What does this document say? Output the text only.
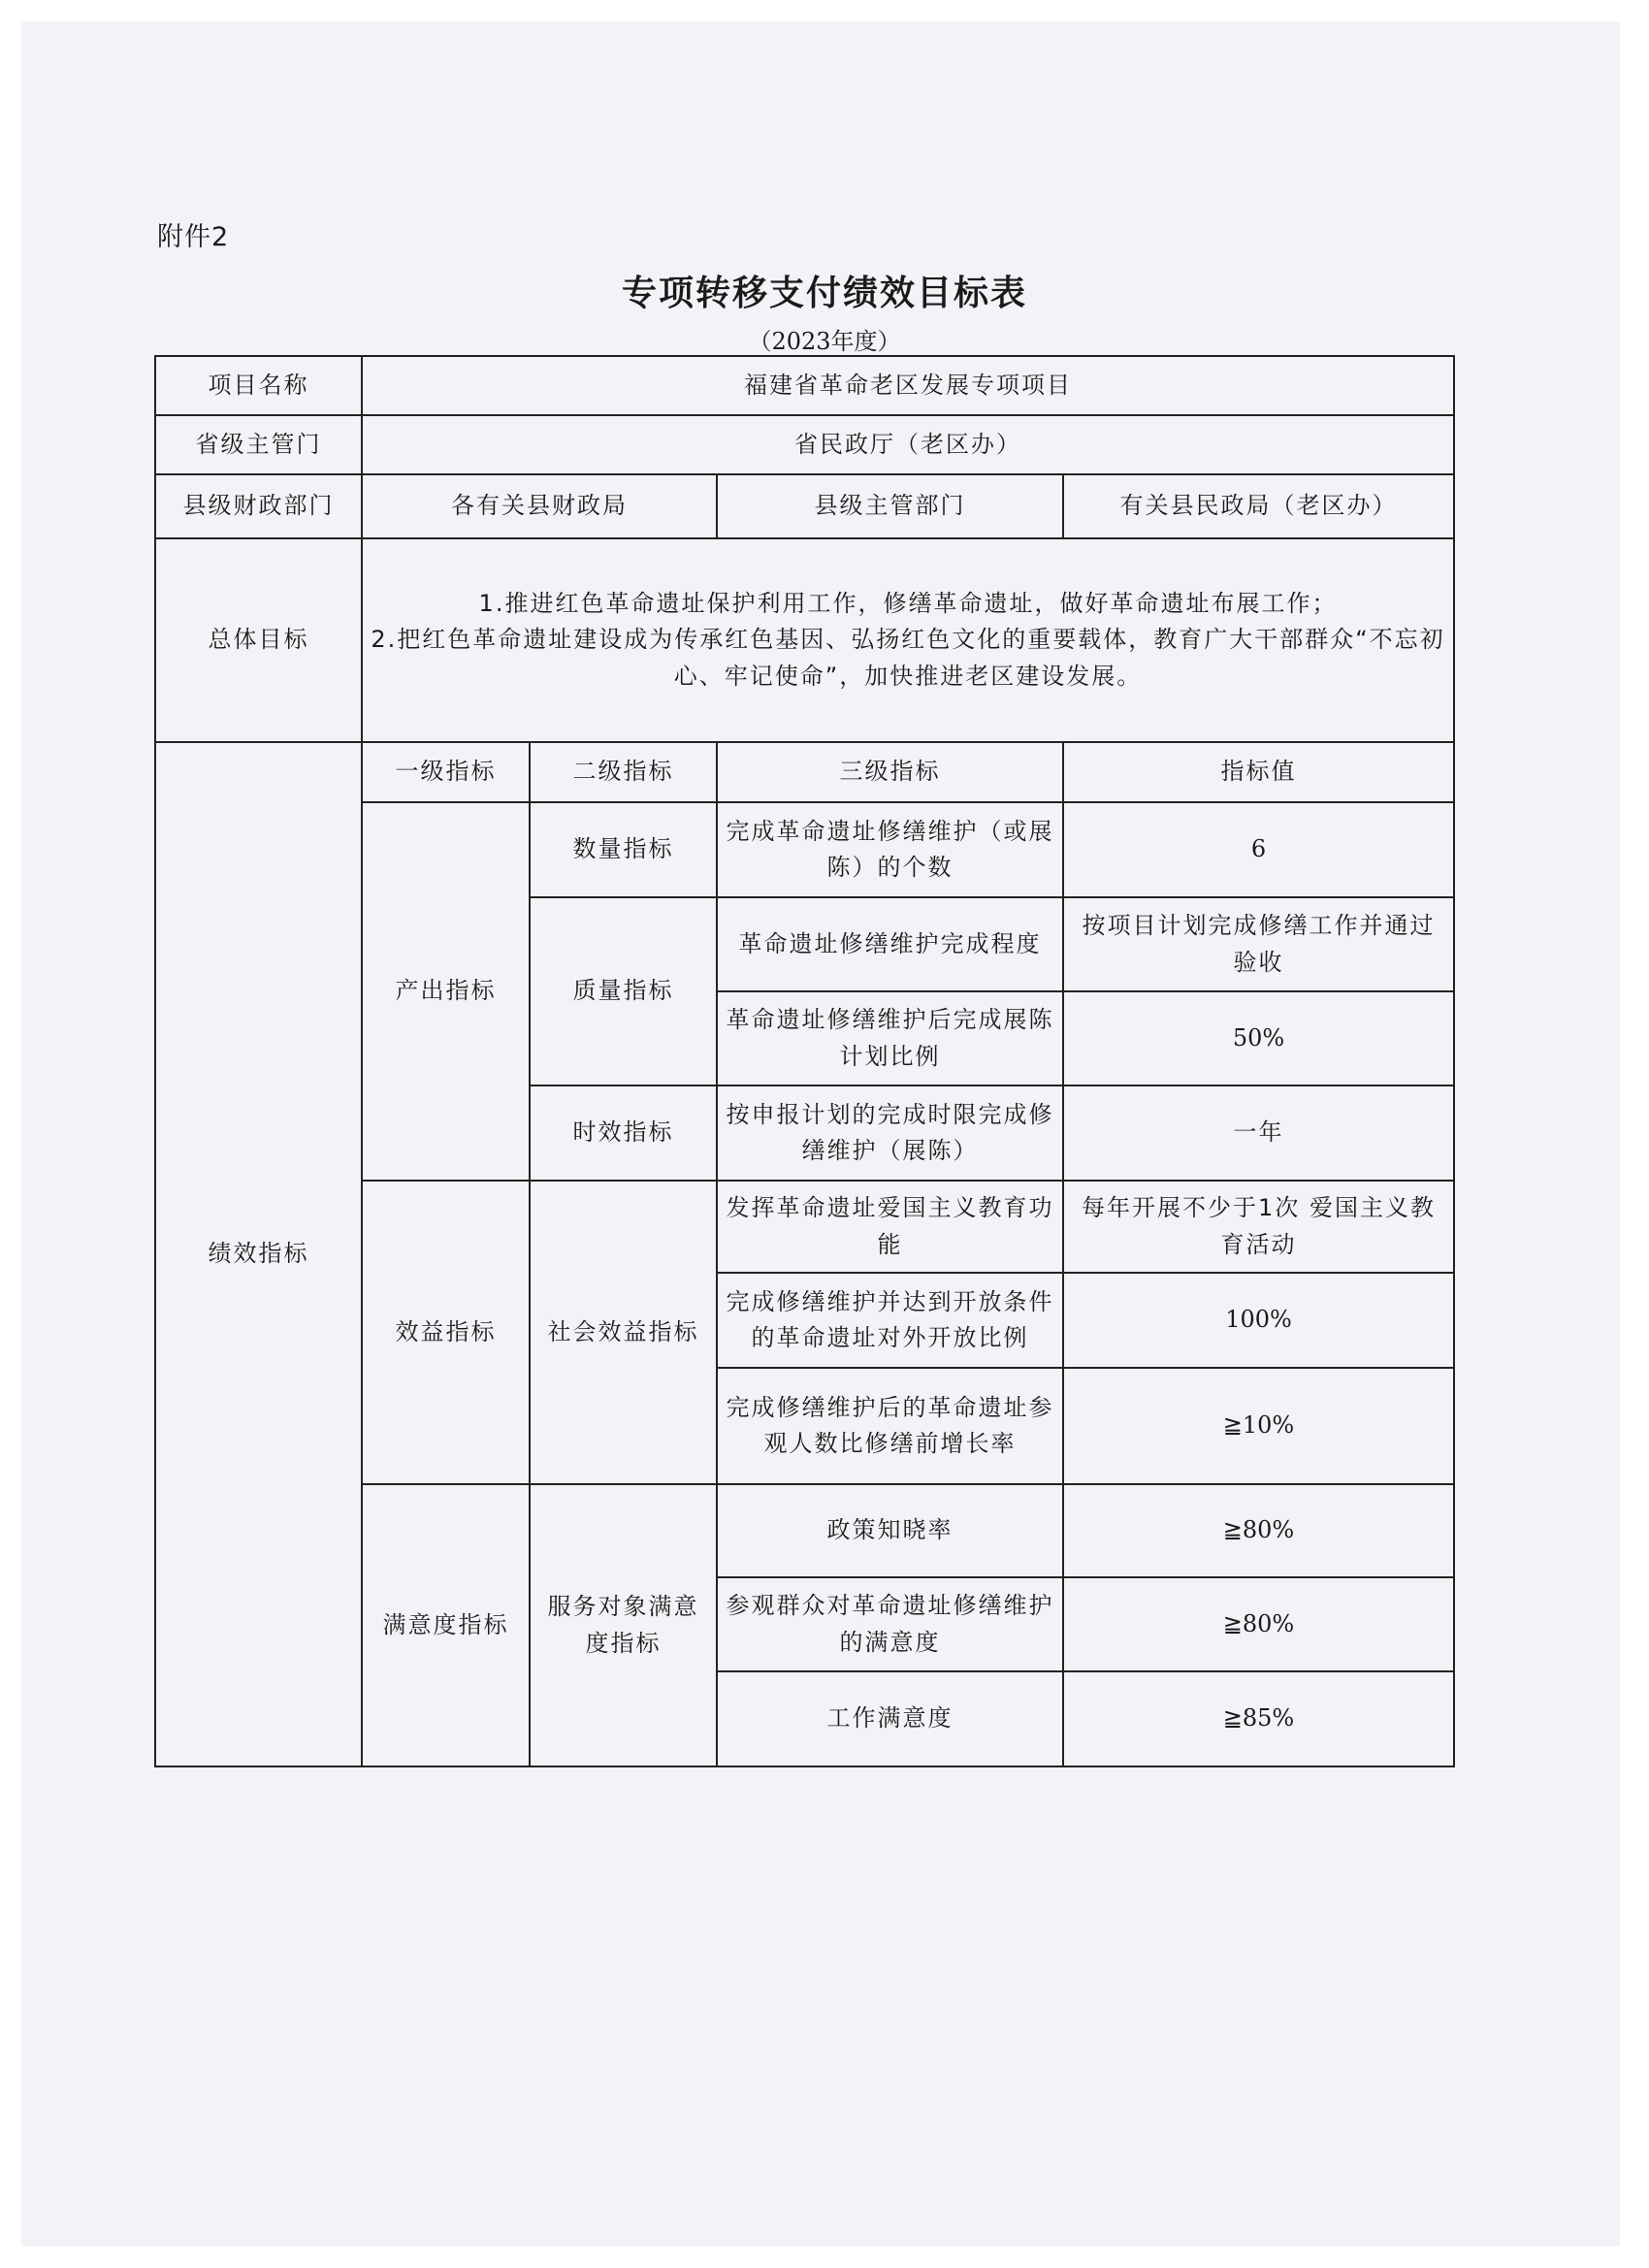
附件2
专项转移支付绩效目标表
（2023年度）
项目名称	福建省革命老区发展专项项目			
省级主管门	省民政厅（老区办）			
县级财政部门	各有关县财政局		县级主管部门	有关县民政局（老区办）
总体目标	1.推进红色革命遗址保护利用工作，修缮革命遗址，做好革命遗址布展工作；
2.把红色革命遗址建设成为传承红色基因、弘扬红色文化的重要载体，教育广大干部群众“不忘初心、牢记使命”，加快推进老区建设发展。			

绩效指标	一级指标	二级指标	三级指标	指标值
	产出指标	数量指标	完成革命遗址修缮维护（或展陈）的个数	6
		质量指标	革命遗址修缮维护完成程度	按项目计划完成修缮工作并通过验收
			革命遗址修缮维护后完成展陈计划比例	50%
		时效指标	按申报计划的完成时限完成修缮维护（展陈）	一年
	效益指标	社会效益指标	发挥革命遗址爱国主义教育功能	每年开展不少于1次 爱国主义教育活动
			完成修缮维护并达到开放条件的革命遗址对外开放比例	100%
			完成修缮维护后的革命遗址参观人数比修缮前增长率	≧10%
	满意度指标	服务对象满意度指标	政策知晓率	≧80%
			参观群众对革命遗址修缮维护的满意度	≧80%
			工作满意度	≧85%
